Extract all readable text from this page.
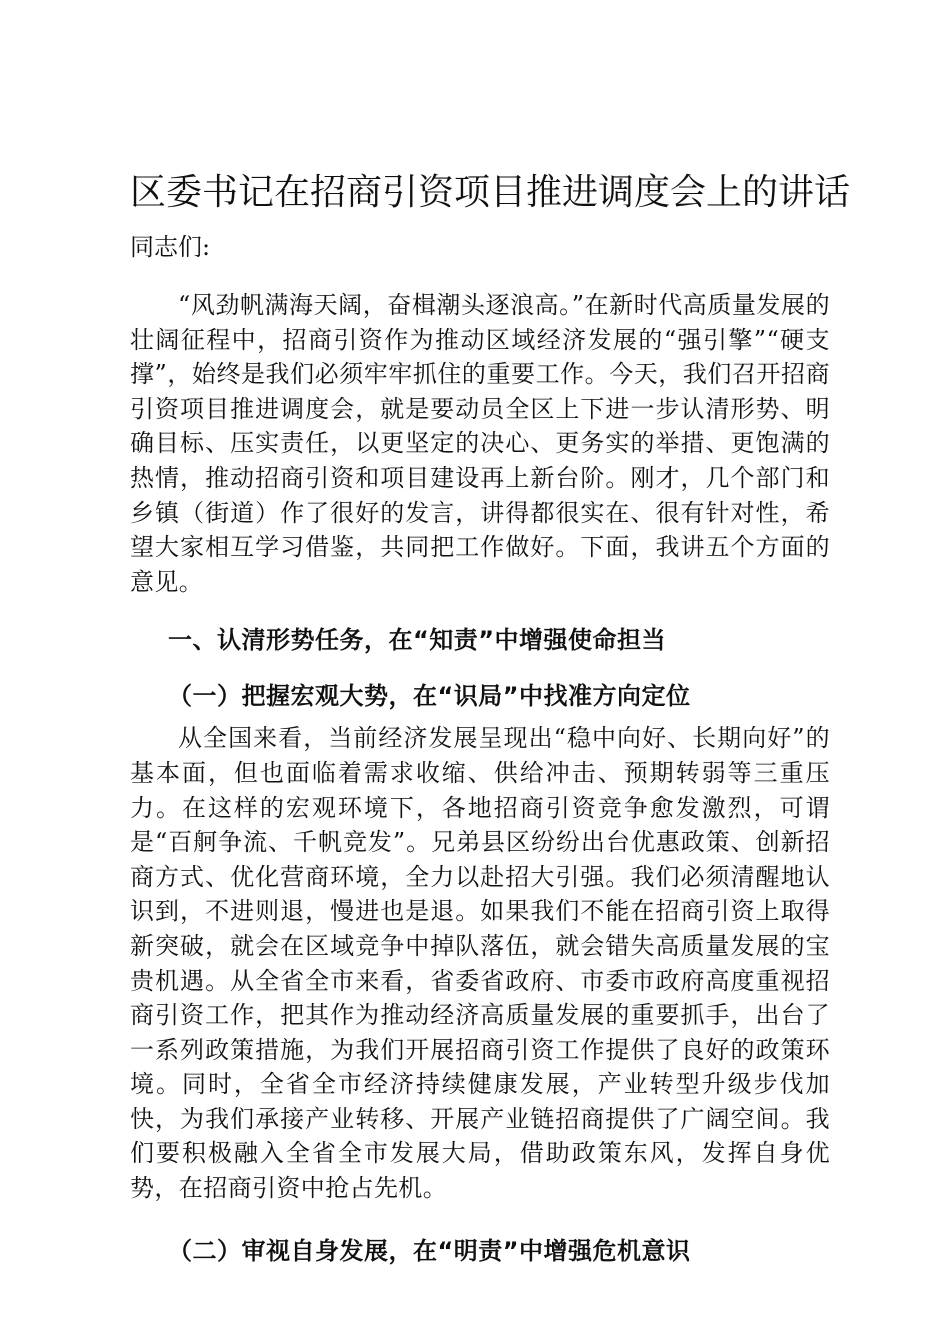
区委书记在招商引资项目推进调度会上的讲话

同志们:

“风劲帆满海天阔，奋楫潮头逐浪高。”在新时代高质量发展的壮阔征程中，招商引资作为推动区域经济发展的“强引擎”“硬支撑”，始终是我们必须牢牢抓住的重要工作。今天，我们召开招商引资项目推进调度会，就是要动员全区上下进一步认清形势、明确目标、压实责任，以更坚定的决心、更务实的举措、更饱满的热情，推动招商引资和项目建设再上新台阶。刚才，几个部门和乡镇（街道）作了很好的发言，讲得都很实在、很有针对性，希望大家相互学习借鉴，共同把工作做好。下面，我讲五个方面的意见。

一、认清形势任务，在“知责”中增强使命担当

（一）把握宏观大势，在“识局”中找准方向定位

从全国来看，当前经济发展呈现出“稳中向好、长期向好”的基本面，但也面临着需求收缩、供给冲击、预期转弱等三重压力。在这样的宏观环境下，各地招商引资竞争愈发激烈，可谓是“百舸争流、千帆竞发”。兄弟县区纷纷出台优惠政策、创新招商方式、优化营商环境，全力以赴招大引强。我们必须清醒地认识到，不进则退，慢进也是退。如果我们不能在招商引资上取得新突破，就会在区域竞争中掉队落伍，就会错失高质量发展的宝贵机遇。从全省全市来看，省委省政府、市委市政府高度重视招商引资工作，把其作为推动经济高质量发展的重要抓手，出台了一系列政策措施，为我们开展招商引资工作提供了良好的政策环境。同时，全省全市经济持续健康发展，产业转型升级步伐加快，为我们承接产业转移、开展产业链招商提供了广阔空间。我们要积极融入全省全市发展大局，借助政策东风，发挥自身优势，在招商引资中抢占先机。

（二）审视自身发展，在“明责”中增强危机意识
